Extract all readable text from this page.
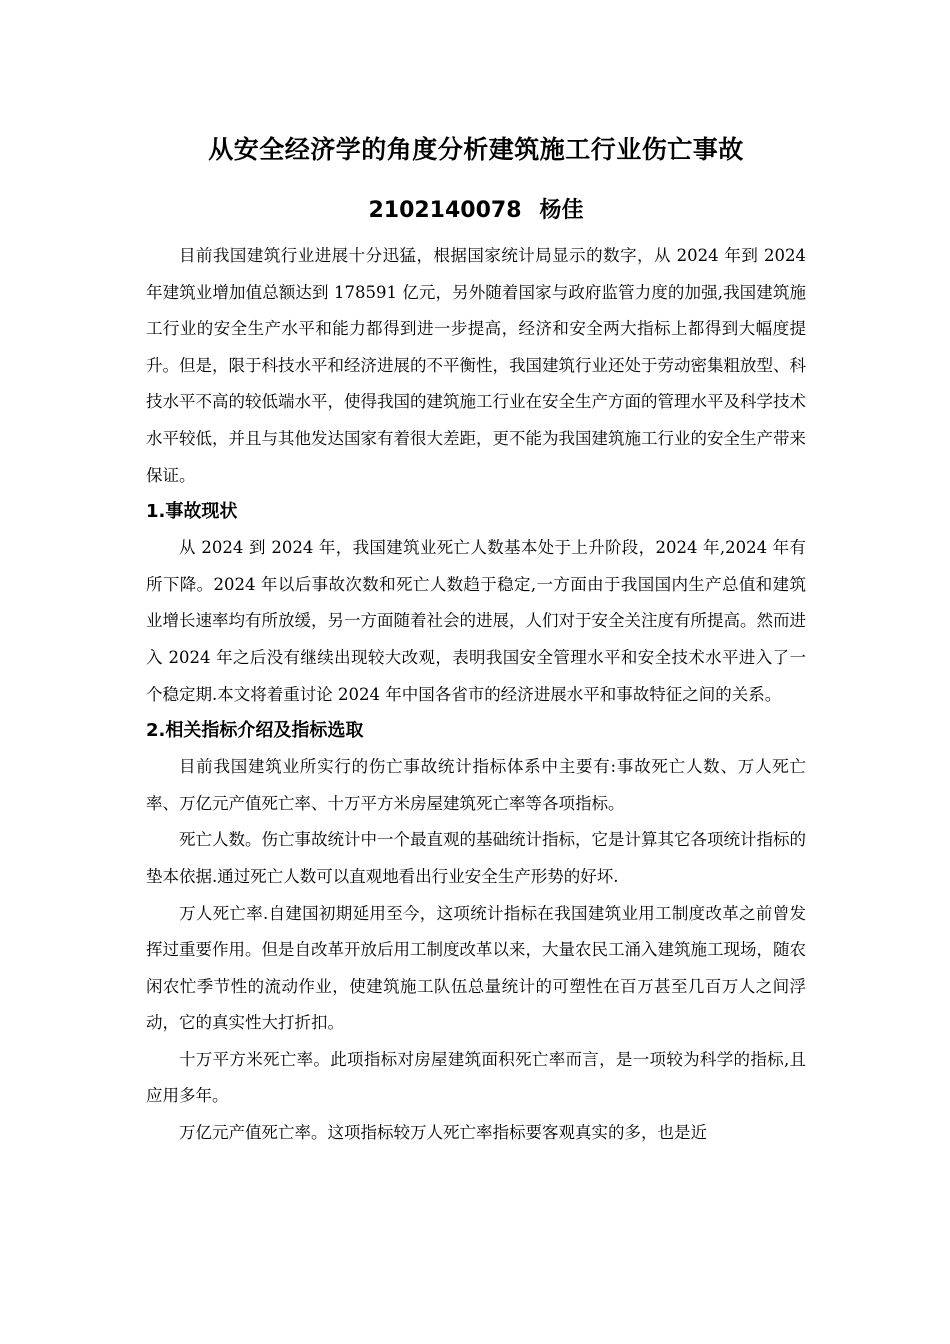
从安全经济学的角度分析建筑施工行业伤亡事故
2102140078 杨佳

目前我国建筑行业进展十分迅猛，根据国家统计局显示的数字，从 2024 年到 2024 年建筑业增加值总额达到 178591 亿元，另外随着国家与政府监管力度的加强,我国建筑施工行业的安全生产水平和能力都得到进一步提高，经济和安全两大指标上都得到大幅度提升。但是，限于科技水平和经济进展的不平衡性，我国建筑行业还处于劳动密集粗放型、科技水平不高的较低端水平，使得我国的建筑施工行业在安全生产方面的管理水平及科学技术水平较低，并且与其他发达国家有着很大差距，更不能为我国建筑施工行业的安全生产带来保证。

1.事故现状

从 2024 到 2024 年，我国建筑业死亡人数基本处于上升阶段，2024 年,2024 年有所下降。2024 年以后事故次数和死亡人数趋于稳定,一方面由于我国国内生产总值和建筑业增长速率均有所放缓，另一方面随着社会的进展，人们对于安全关注度有所提高。然而进入 2024 年之后没有继续出现较大改观，表明我国安全管理水平和安全技术水平进入了一个稳定期.本文将着重讨论 2024 年中国各省市的经济进展水平和事故特征之间的关系。

2.相关指标介绍及指标选取

目前我国建筑业所实行的伤亡事故统计指标体系中主要有:事故死亡人数、万人死亡率、万亿元产值死亡率、十万平方米房屋建筑死亡率等各项指标。

死亡人数。伤亡事故统计中一个最直观的基础统计指标，它是计算其它各项统计指标的垫本依据.通过死亡人数可以直观地看出行业安全生产形势的好坏.

万人死亡率.自建国初期延用至今，这项统计指标在我国建筑业用工制度改革之前曾发挥过重要作用。但是自改革开放后用工制度改革以来，大量农民工涌入建筑施工现场，随农闲农忙季节性的流动作业，使建筑施工队伍总量统计的可塑性在百万甚至几百万人之间浮动，它的真实性大打折扣。

十万平方米死亡率。此项指标对房屋建筑面积死亡率而言，是一项较为科学的指标,且应用多年。

万亿元产值死亡率。这项指标较万人死亡率指标要客观真实的多，也是近
